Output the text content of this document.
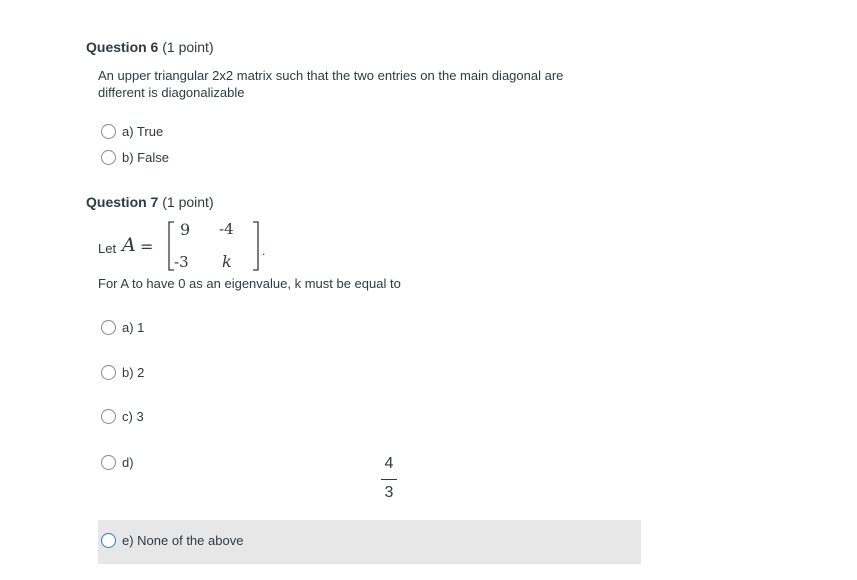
Question 6 (1 point)
An upper triangular 2x2 matrix such that the two entries on the main diagonal are
different is diagonalizable
a) True
b) False
Question 7 (1 point)
Let A =
9 -4
-3 k
.
For A to have 0 as an eigenvalue, k must be equal to
a) 1
b) 2
c) 3
d)	4
3
e) None of the above
